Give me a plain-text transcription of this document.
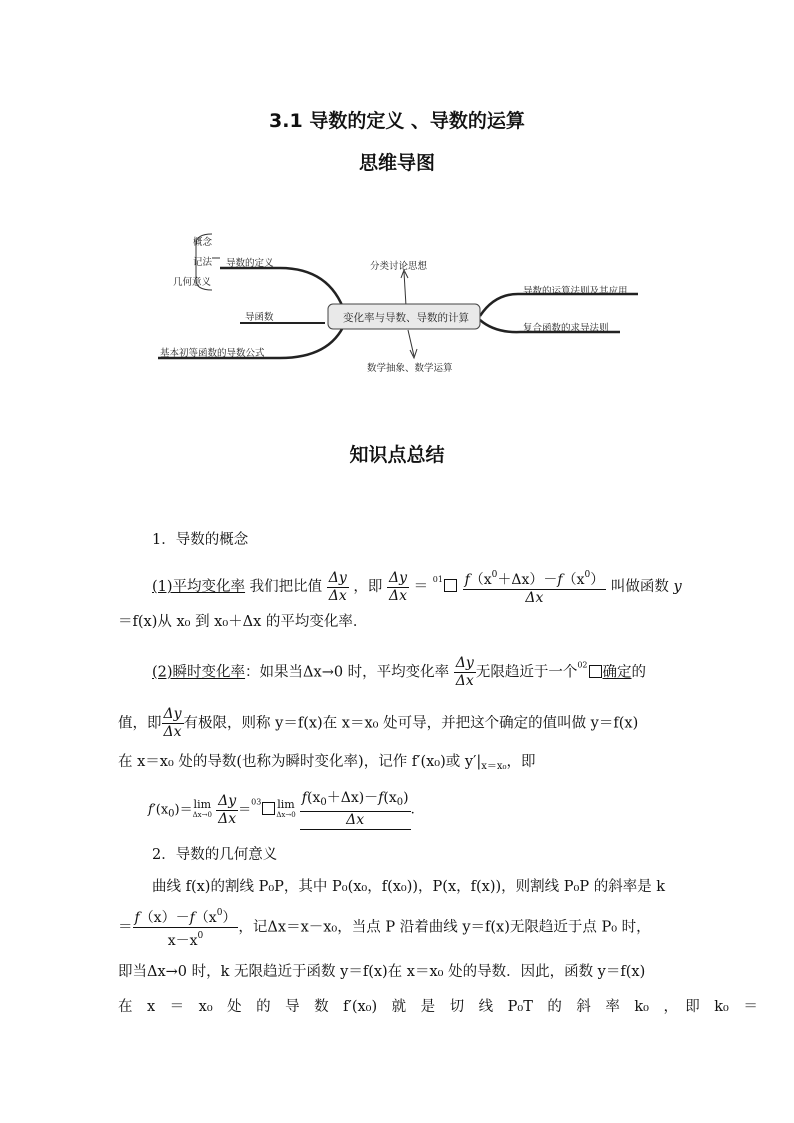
3.1 导数的定义 、导数的运算
思维导图
概念
记法
几何意义
导数的定义
导函数
基本初等函数的导数公式
分类讨论思想
变化率与导数、导数的计算
数学抽象、数学运算
导数的运算法则及其应用
复合函数的求导法则
知识点总结
1．导数的概念
(1)平均变化率 我们把比值 $\frac{\Delta y}{\Delta x}$ ，即 $\frac{\Delta y}{\Delta x} = ^{01} \frac{f(x^0+\Delta x)-f(x^0)}{\Delta x}$ 叫做函数 y
＝f(x)从 x₀ 到 x₀＋Δx 的平均变化率．
(2)瞬时变化率：如果当Δx→0 时，平均变化率 $\frac{\Delta y}{\Delta x}$ 无限趋近于一个$^{02}$ 确定的
值，即 $\frac{\Delta y}{\Delta x}$ 有极限，则称 y＝f(x)在 x＝x₀ 处可导，并把这个确定的值叫做 y＝f(x)
在 x＝x₀ 处的导数(也称为瞬时变化率)，记作 f′(x₀)或 $y'|_{x=x_0}$，即
$f'(x_0)= \lim$
Δx→0
$\frac{\Delta y}{\Delta x} =^{03}$ lim
Δx→0
$\frac{f(x_0+\Delta x)-f(x_0)}{\Delta x}$ .
2．导数的几何意义
曲线 f(x)的割线 P₀P，其中 P₀(x₀，f(x₀))，P(x，f(x))，则割线 P₀P 的斜率是 k
＝ $\frac{f(x)-f(x^0)}{x-x^0}$ ，记Δx＝x－x₀，当点 P 沿着曲线 y＝f(x)无限趋近于点 P₀ 时，
即当Δx→0 时，k 无限趋近于函数 y＝f(x)在 x＝x₀ 处的导数．因此，函数 y＝f(x)
在　x　＝　x₀　处　的　导　数　f′(x₀)　就　是　切　线　P₀T　的　斜　率　k₀　，　即　k₀　＝
